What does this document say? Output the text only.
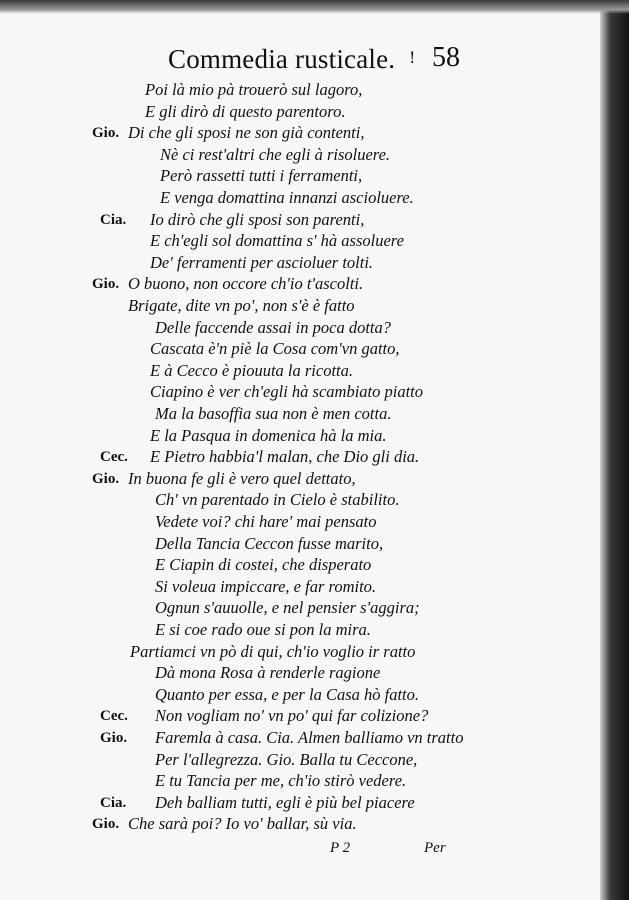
Commedia rusticale. ! 58
Poi là mio pà trouerò sul lagoro,
E gli dirò di questo parentoro.
Gio. Di che gli sposi ne son già contenti,
Nè ci rest'altri che egli à risoluere.
Però rassetti tutti i ferramenti,
E venga domattina innanzi ascioluere.
Cia. Io dirò che gli sposi son parenti,
E ch'egli sol domattina s' hà assoluere
De' ferramenti per ascioluer tolti.
Gio. O buono, non occore ch'io t'ascolti.
Brigate, dite vn po', non s'è è fatto
Delle faccende assai in poca dotta?
Cascata è'n piè la Cosa com'vn gatto,
E à Cecco è piouuta la ricotta.
Ciapino è ver ch'egli hà scambiato piatto
Ma la basoffia sua non è men cotta.
E la Pasqua in domenica hà la mia.
Cec. E Pietro habbia'l malan, che Dio gli dia.
Gio. In buona fe gli è vero quel dettato,
Ch' vn parentado in Cielo è stabilito.
Vedete voi? chi hare' mai pensato
Della Tancia Ceccon fusse marito,
E Ciapin di costei, che disperato
Si voleua impiccare, e far romito.
Ognun s'auuolle, e nel pensier s'aggira;
E si coe rado oue si pon la mira.
Partiamci vn pò di qui, ch'io voglio ir ratto
Dà mona Rosa à renderle ragione
Quanto per essa, e per la Casa hò fatto.
Cec. Non vogliam no' vn po' qui far colizione?
Gio. Faremla à casa. Cia. Almen balliamo vn tratto
Per l'allegrezza. Gio. Balla tu Ceccone,
E tu Tancia per me, ch'io stirò vedere.
Cia. Deh balliam tutti, egli è più bel piacere
Gio. Che sarà poi? Io vo' ballar, sù via.
P 2	Per
